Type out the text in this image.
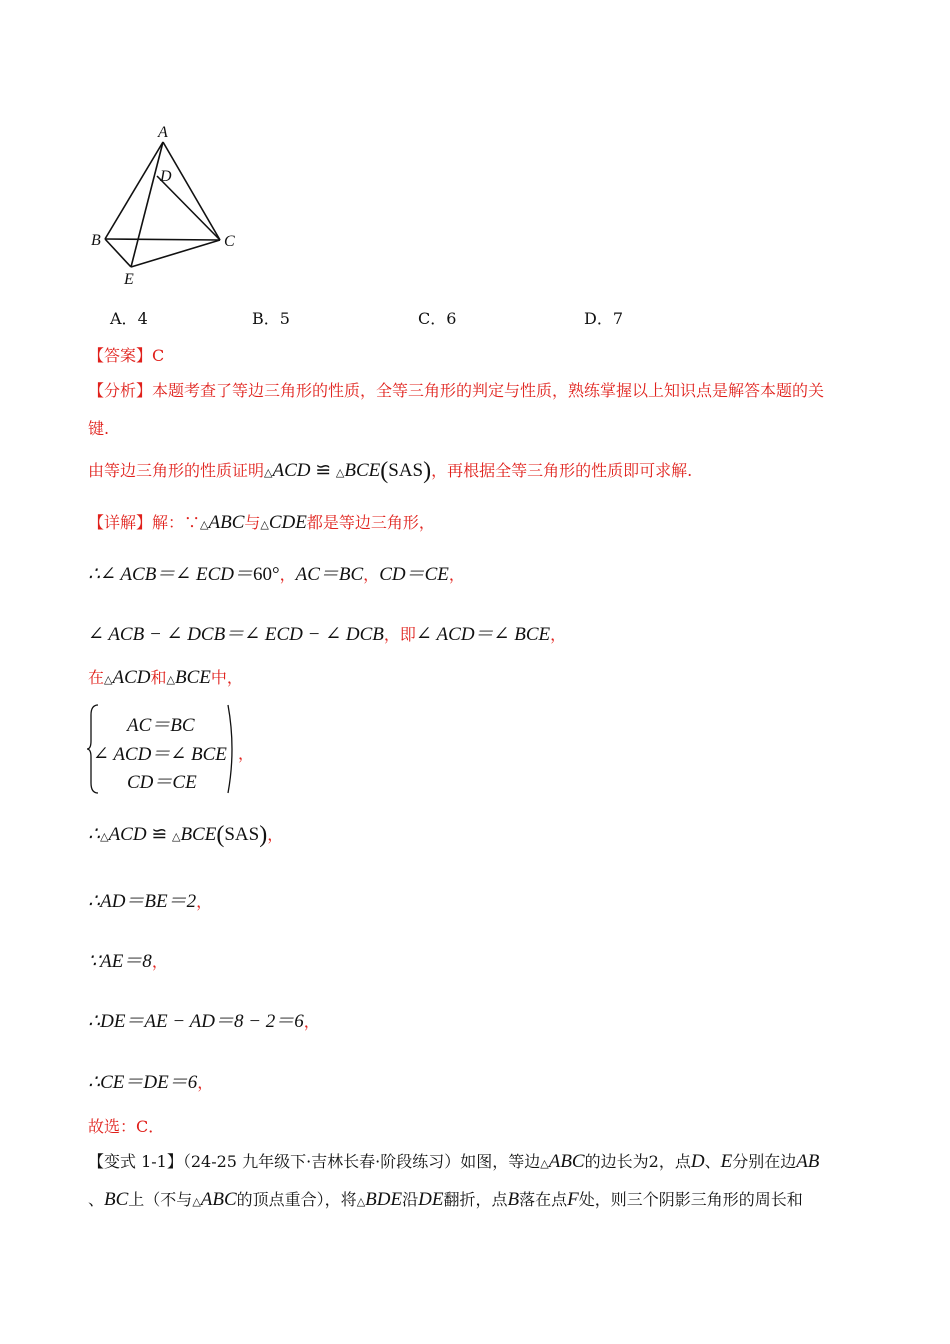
A
D
B	C
E
A．4	B．5	C．6	D．7
【答案】C
【分析】本题考查了等边三角形的性质，全等三角形的判定与性质，熟练掌握以上知识点是解答本题的关
键.
由等边三角形的性质证明△ACD ≌ △BCE(SAS)，再根据全等三角形的性质即可求解.
【详解】解：∵△ABC与△CDE都是等边三角形，
∴∠ ACB＝∠ ECD＝60°，AC＝BC，CD＝CE，
∠ ACB − ∠ DCB＝∠ ECD − ∠ DCB，即∠ ACD＝∠ BCE，
在△ACD和△BCE中，
AC＝BC
∠ ACD＝∠ BCE
CD＝CE
，
∴△ACD ≌ △BCE(SAS)，
∴AD＝BE＝2，
∵AE＝8，
∴DE＝AE − AD＝8 − 2＝6，
∴CE＝DE＝6，
故选：C．
【变式 1-1】（24-25 九年级下·吉林长春·阶段练习）如图，等边△ABC的边长为2，点D、E分别在边AB
、BC上（不与△ABC的顶点重合），将△BDE沿DE翻折，点B落在点F处，则三个阴影三角形的周长和
